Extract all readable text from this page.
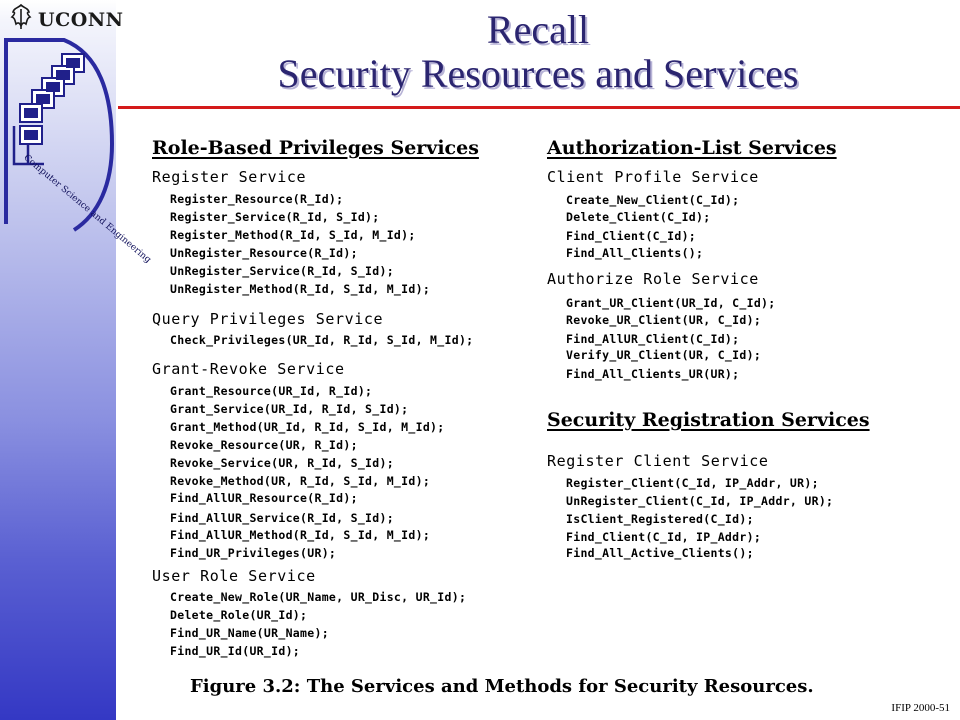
UCONN
Computer Science and Engineering
Recall
Security Resources and Services
Role-Based Privileges Services
Register Service
Register_Resource(R_Id);
Register_Service(R_Id, S_Id);
Register_Method(R_Id, S_Id, M_Id);
UnRegister_Resource(R_Id);
UnRegister_Service(R_Id, S_Id);
UnRegister_Method(R_Id, S_Id, M_Id);
Query Privileges Service
Check_Privileges(UR_Id, R_Id, S_Id, M_Id);
Grant-Revoke Service
Grant_Resource(UR_Id, R_Id);
Grant_Service(UR_Id, R_Id, S_Id);
Grant_Method(UR_Id, R_Id, S_Id, M_Id);
Revoke_Resource(UR, R_Id);
Revoke_Service(UR, R_Id, S_Id);
Revoke_Method(UR, R_Id, S_Id, M_Id);
Find_AllUR_Resource(R_Id);
Find_AllUR_Service(R_Id, S_Id);
Find_AllUR_Method(R_Id, S_Id, M_Id);
Find_UR_Privileges(UR);
User Role Service
Create_New_Role(UR_Name, UR_Disc, UR_Id);
Delete_Role(UR_Id);
Find_UR_Name(UR_Name);
Find_UR_Id(UR_Id);
Authorization-List Services
Client Profile Service
Create_New_Client(C_Id);
Delete_Client(C_Id);
Find_Client(C_Id);
Find_All_Clients();
Authorize Role Service
Grant_UR_Client(UR_Id, C_Id);
Revoke_UR_Client(UR, C_Id);
Find_AllUR_Client(C_Id);
Verify_UR_Client(UR, C_Id);
Find_All_Clients_UR(UR);
Security Registration Services
Register Client Service
Register_Client(C_Id, IP_Addr, UR);
UnRegister_Client(C_Id, IP_Addr, UR);
IsClient_Registered(C_Id);
Find_Client(C_Id, IP_Addr);
Find_All_Active_Clients();
Figure 3.2: The Services and Methods for Security Resources.
IFIP 2000-51
